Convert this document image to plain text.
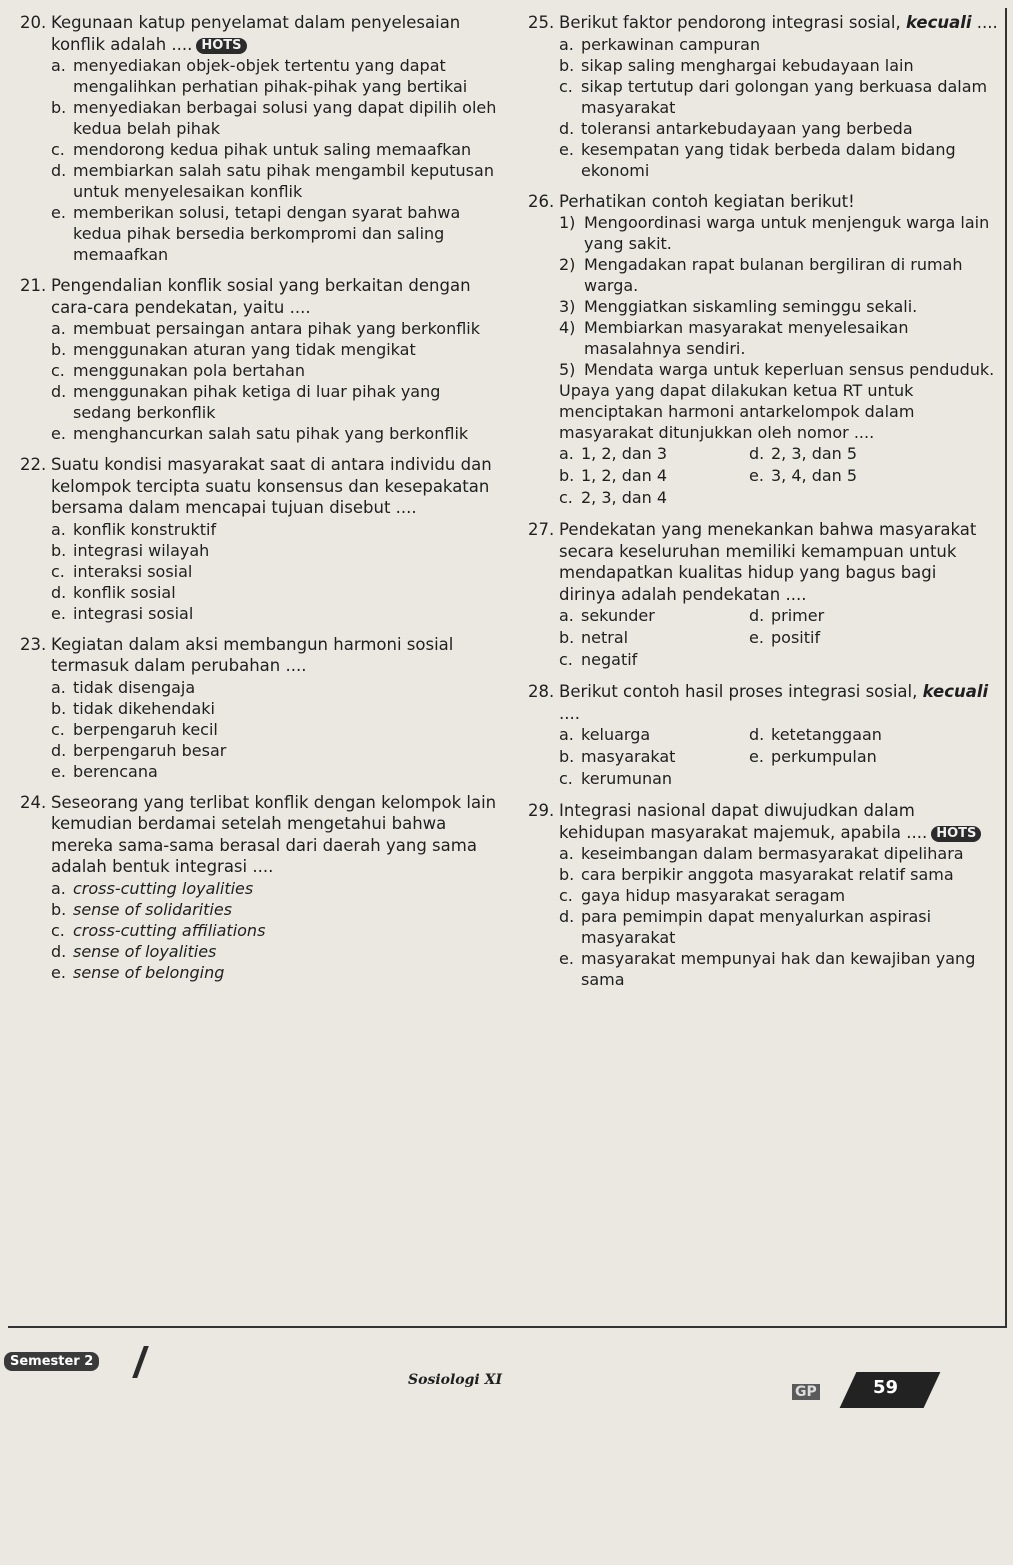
20. Kegunaan katup penyelamat dalam penyelesaian konflik adalah .... HOTS
a. menyediakan objek-objek tertentu yang dapat mengalihkan perhatian pihak-pihak yang bertikai
b. menyediakan berbagai solusi yang dapat dipilih oleh kedua belah pihak
c. mendorong kedua pihak untuk saling memaafkan
d. membiarkan salah satu pihak mengambil keputusan untuk menyelesaikan konflik
e. memberikan solusi, tetapi dengan syarat bahwa kedua pihak bersedia berkompromi dan saling memaafkan
21. Pengendalian konflik sosial yang berkaitan dengan cara-cara pendekatan, yaitu ....
a. membuat persaingan antara pihak yang berkonflik
b. menggunakan aturan yang tidak mengikat
c. menggunakan pola bertahan
d. menggunakan pihak ketiga di luar pihak yang sedang berkonflik
e. menghancurkan salah satu pihak yang berkonflik
22. Suatu kondisi masyarakat saat di antara individu dan kelompok tercipta suatu konsensus dan kesepakatan bersama dalam mencapai tujuan disebut ....
a. konflik konstruktif
b. integrasi wilayah
c. interaksi sosial
d. konflik sosial
e. integrasi sosial
23. Kegiatan dalam aksi membangun harmoni sosial termasuk dalam perubahan ....
a. tidak disengaja
b. tidak dikehendaki
c. berpengaruh kecil
d. berpengaruh besar
e. berencana
24. Seseorang yang terlibat konflik dengan kelompok lain kemudian berdamai setelah mengetahui bahwa mereka sama-sama berasal dari daerah yang sama adalah bentuk integrasi ....
a. cross-cutting loyalities
b. sense of solidarities
c. cross-cutting affiliations
d. sense of loyalities
e. sense of belonging
25. Berikut faktor pendorong integrasi sosial, kecuali ....
a. perkawinan campuran
b. sikap saling menghargai kebudayaan lain
c. sikap tertutup dari golongan yang berkuasa dalam masyarakat
d. toleransi antarkebudayaan yang berbeda
e. kesempatan yang tidak berbeda dalam bidang ekonomi
26. Perhatikan contoh kegiatan berikut!
1) Mengoordinasi warga untuk menjenguk warga lain yang sakit.
2) Mengadakan rapat bulanan bergiliran di rumah warga.
3) Menggiatkan siskamling seminggu sekali.
4) Membiarkan masyarakat menyelesaikan masalahnya sendiri.
5) Mendata warga untuk keperluan sensus penduduk.
Upaya yang dapat dilakukan ketua RT untuk menciptakan harmoni antarkelompok dalam masyarakat ditunjukkan oleh nomor ....
a. 1, 2, dan 3	d. 2, 3, dan 5
b. 1, 2, dan 4	e. 3, 4, dan 5
c. 2, 3, dan 4
27. Pendekatan yang menekankan bahwa masyarakat secara keseluruhan memiliki kemampuan untuk mendapatkan kualitas hidup yang bagus bagi dirinya adalah pendekatan ....
a. sekunder	d. primer
b. netral	e. positif
c. negatif
28. Berikut contoh hasil proses integrasi sosial, kecuali ....
a. keluarga	d. ketetanggaan
b. masyarakat	e. perkumpulan
c. kerumunan
29. Integrasi nasional dapat diwujudkan dalam kehidupan masyarakat majemuk, apabila .... HOTS
a. keseimbangan dalam bermasyarakat dipelihara
b. cara berpikir anggota masyarakat relatif sama
c. gaya hidup masyarakat seragam
d. para pemimpin dapat menyalurkan aspirasi masyarakat
e. masyarakat mempunyai hak dan kewajiban yang sama
Semester 2
Sosiologi XI
GP	59
